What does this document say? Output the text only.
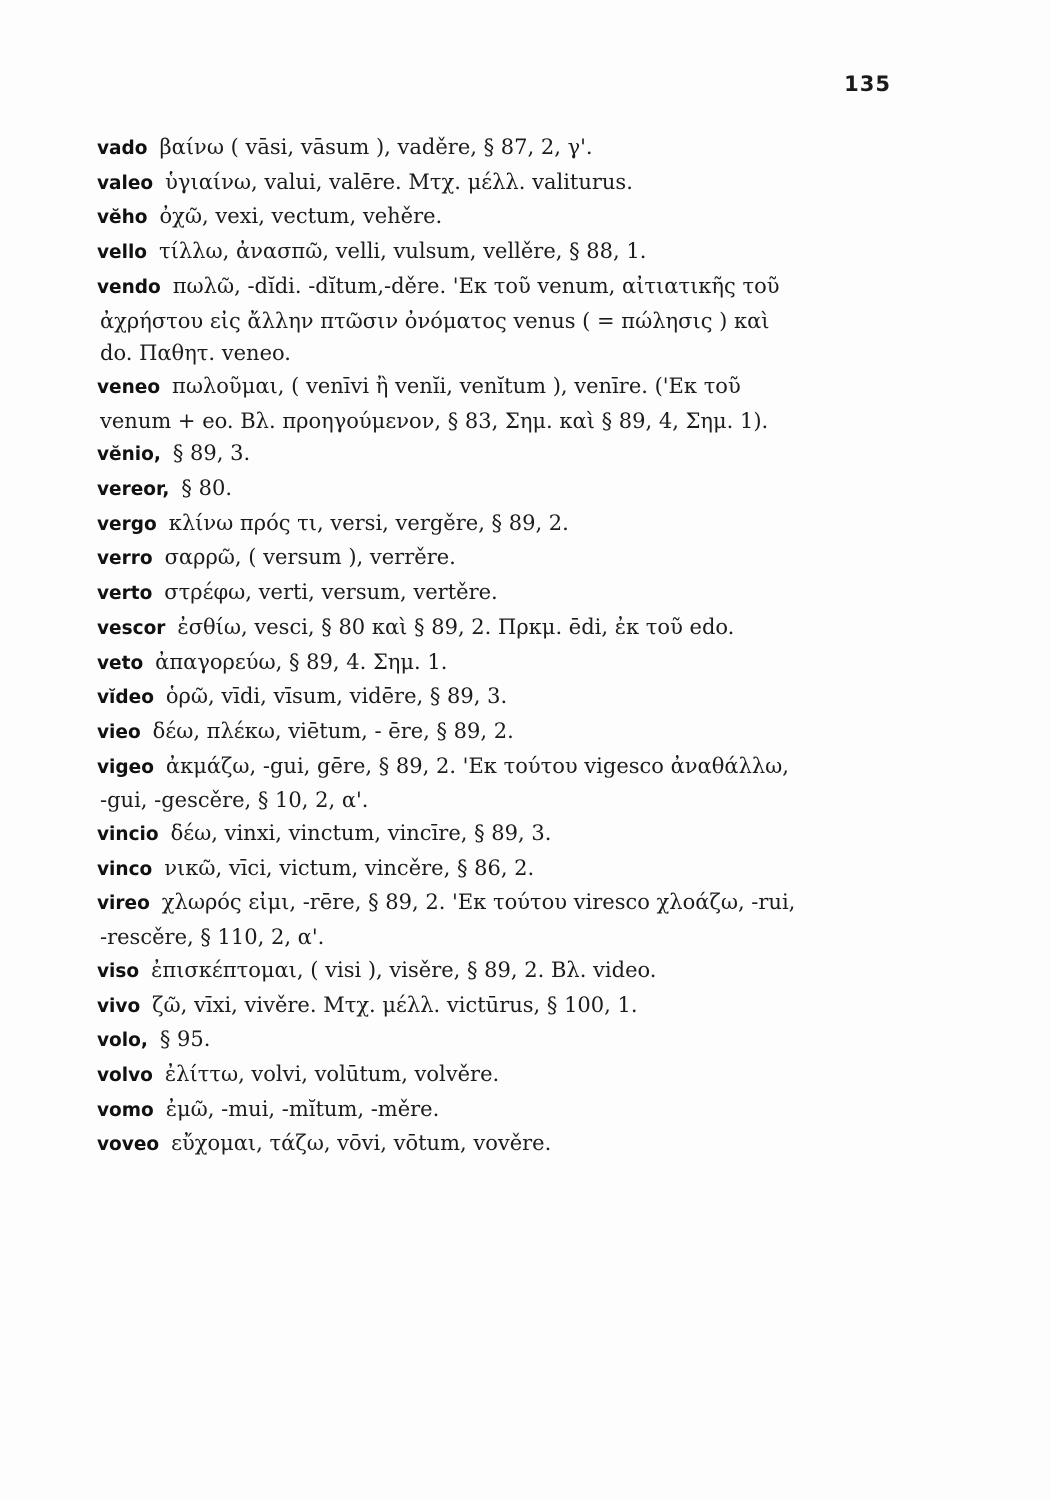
135
vado βαίνω ( vāsi, vāsum ), vaděre, § 87, 2, γ'.
valeo ὑγιαίνω, valui, valēre. Μτχ. μέλλ. valiturus.
vĕho ὀχῶ, vexi, vectum, vehěre.
vello τίλλω, ἀνασπῶ, velli, vulsum, vellěre, § 88, 1.
vendo πωλῶ, -dĭdi. -dĭtum,-děre. 'Εκ τοῦ venum, αἰτιατικῆς τοῦ
ἀχρήστου εἰς ἄλλην πτῶσιν ὀνόματος venus ( = πώλησις ) καὶ
do. Παθητ. veneo.
veneo πωλοῦμαι, ( venīvi ἢ venĭi, venĭtum ), venīre. ('Εκ τοῦ
venum + eo. Βλ. προηγούμενον, § 83, Σημ. καὶ § 89, 4, Σημ. 1).
vĕnio, § 89, 3.
vereor, § 80.
vergo κλίνω πρός τι, versi, vergěre, § 89, 2.
verro σαρρῶ, ( versum ), verrěre.
verto στρέφω, verti, versum, vertěre.
vescor ἐσθίω, vesci, § 80 καὶ § 89, 2. Πρκμ. ēdi, ἐκ τοῦ edo.
veto ἀπαγορεύω, § 89, 4. Σημ. 1.
vĭdeo ὁρῶ, vīdi, vīsum, vidēre, § 89, 3.
vieo δέω, πλέκω, viētum, - ēre, § 89, 2.
vigeo ἀκμάζω, -gui, gēre, § 89, 2. 'Εκ τούτου vigesco ἀναθάλλω,
-gui, -gescěre, § 10, 2, α'.
vincio δέω, vinxi, vinctum, vincīre, § 89, 3.
vinco νικῶ, vīci, victum, vincěre, § 86, 2.
vireo χλωρός εἰμι, -rēre, § 89, 2. 'Εκ τούτου viresco χλοάζω, -rui,
-rescěre, § 110, 2, α'.
viso ἐπισκέπτομαι, ( visi ), visěre, § 89, 2. Βλ. video.
vivo ζῶ, vīxi, vivěre. Μτχ. μέλλ. victūrus, § 100, 1.
volo, § 95.
volvo ἐλίττω, volvi, volūtum, volvěre.
vomo ἐμῶ, -mui, -mĭtum, -měre.
voveo εὔχομαι, τάζω, vōvi, vōtum, vověre.
